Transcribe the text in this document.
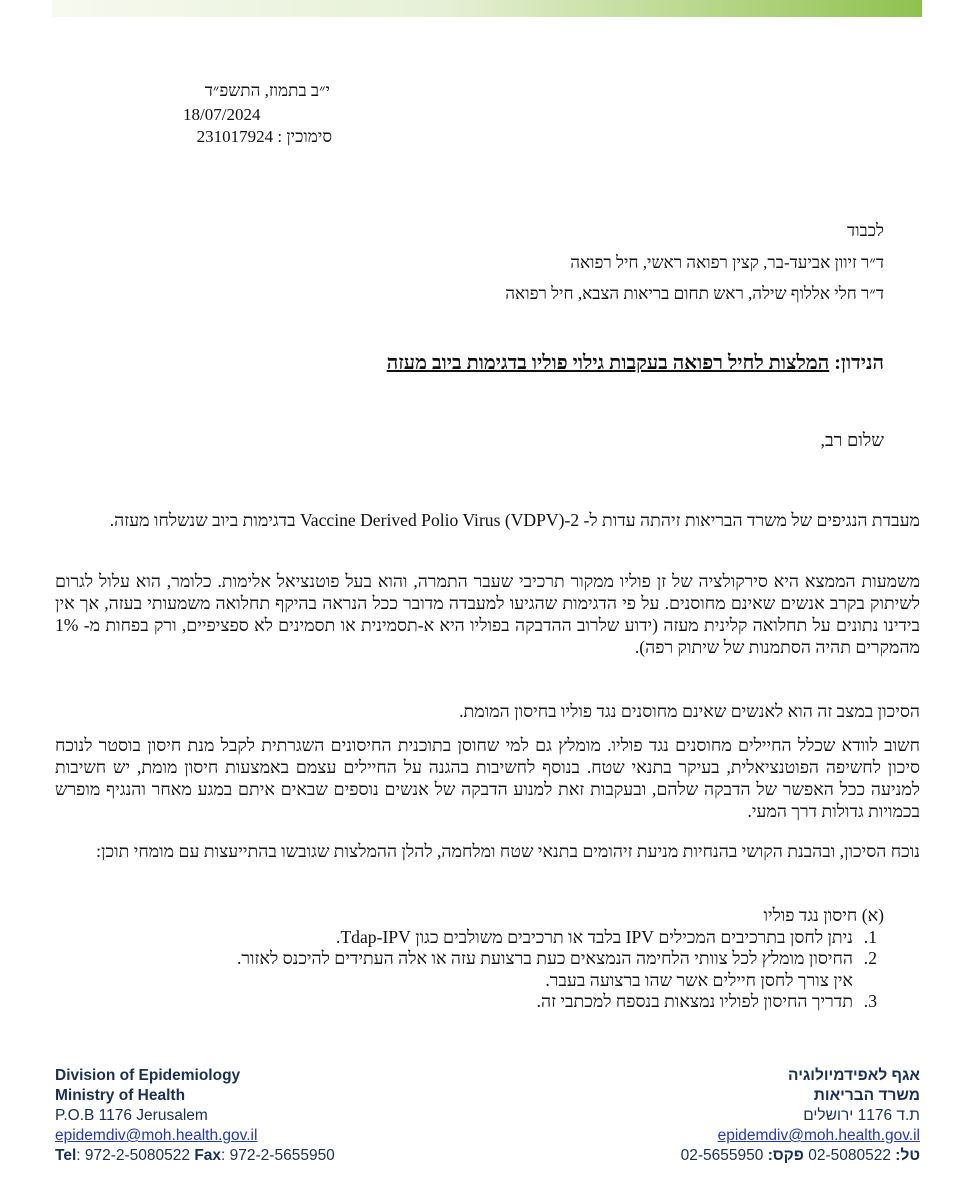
י״ב בתמוז, התשפ״ד
18/07/2024
סימוכין : 231017924
לכבוד
ד״ר זיוון אביעד-בר, קצין רפואה ראשי, חיל רפואה
ד״ר חלי אללוף שילה, ראש תחום בריאות הצבא, חיל רפואה
הנידון: המלצות לחיל רפואה בעקבות גילוי פוליו בדגימות ביוב מעזה
שלום רב,
מעבדת הנגיפים של משרד הבריאות זיהתה עדות ל- Vaccine Derived Polio Virus (VDPV)-2 בדגימות ביוב שנשלחו מעזה.
משמעות הממצא היא סירקולציה של זן פוליו ממקור תרכיבי שעבר התמרה, והוא בעל פוטנציאל אלימות. כלומר, הוא עלול לגרום לשיתוק בקרב אנשים שאינם מחוסנים. על פי הדגימות שהגיעו למעבדה מדובר ככל הנראה בהיקף תחלואה משמעותי בעזה, אך אין בידינו נתונים על תחלואה קלינית מעזה (ידוע שלרוב ההדבקה בפוליו היא א-תסמינית או תסמינים לא ספציפיים, ורק בפחות מ- 1% מהמקרים תהיה הסתמנות של שיתוק רפה).
הסיכון במצב זה הוא לאנשים שאינם מחוסנים נגד פוליו בחיסון המומת.
חשוב לוודא שכלל החיילים מחוסנים נגד פוליו. מומלץ גם למי שחוסן בתוכנית החיסונים השגרתית לקבל מנת חיסון בוסטר לנוכח סיכון לחשיפה הפוטנציאלית, בעיקר בתנאי שטח. בנוסף לחשיבות בהגנה על החיילים עצמם באמצעות חיסון מומת, יש חשיבות למניעה ככל האפשר של הדבקה שלהם, ובעקבות זאת למנוע הדבקה של אנשים נוספים שבאים איתם במגע מאחר והנגיף מופרש בכמויות גדולות דרך המעי.
נוכח הסיכון, ובהבנת הקושי בהנחיות מניעת זיהומים בתנאי שטח ומלחמה, להלן ההמלצות שגובשו בהתייעצות עם מומחי תוכן:
(א) חיסון נגד פוליו
1.
ניתן לחסן בתרכיבים המכילים IPV בלבד או תרכיבים משולבים כגון Tdap-IPV.
2.
החיסון מומלץ לכל צוותי הלחימה הנמצאים כעת ברצועת עזה או אלה העתידים להיכנס לאזור.
אין צורך לחסן חיילים אשר שהו ברצועה בעבר.
3.
תדריך החיסון לפוליו נמצאות בנספח למכתבי זה.
Division of Epidemiology
Ministry of Health
P.O.B 1176 Jerusalem
epidemdiv@moh.health.gov.il
Tel: 972-2-5080522 Fax: 972-2-5655950
אגף לאפידמיולוגיה
משרד הבריאות
ת.ד 1176 ירושלים
epidemdiv@moh.health.gov.il
טל: 02-5080522 פקס: 02-5655950
